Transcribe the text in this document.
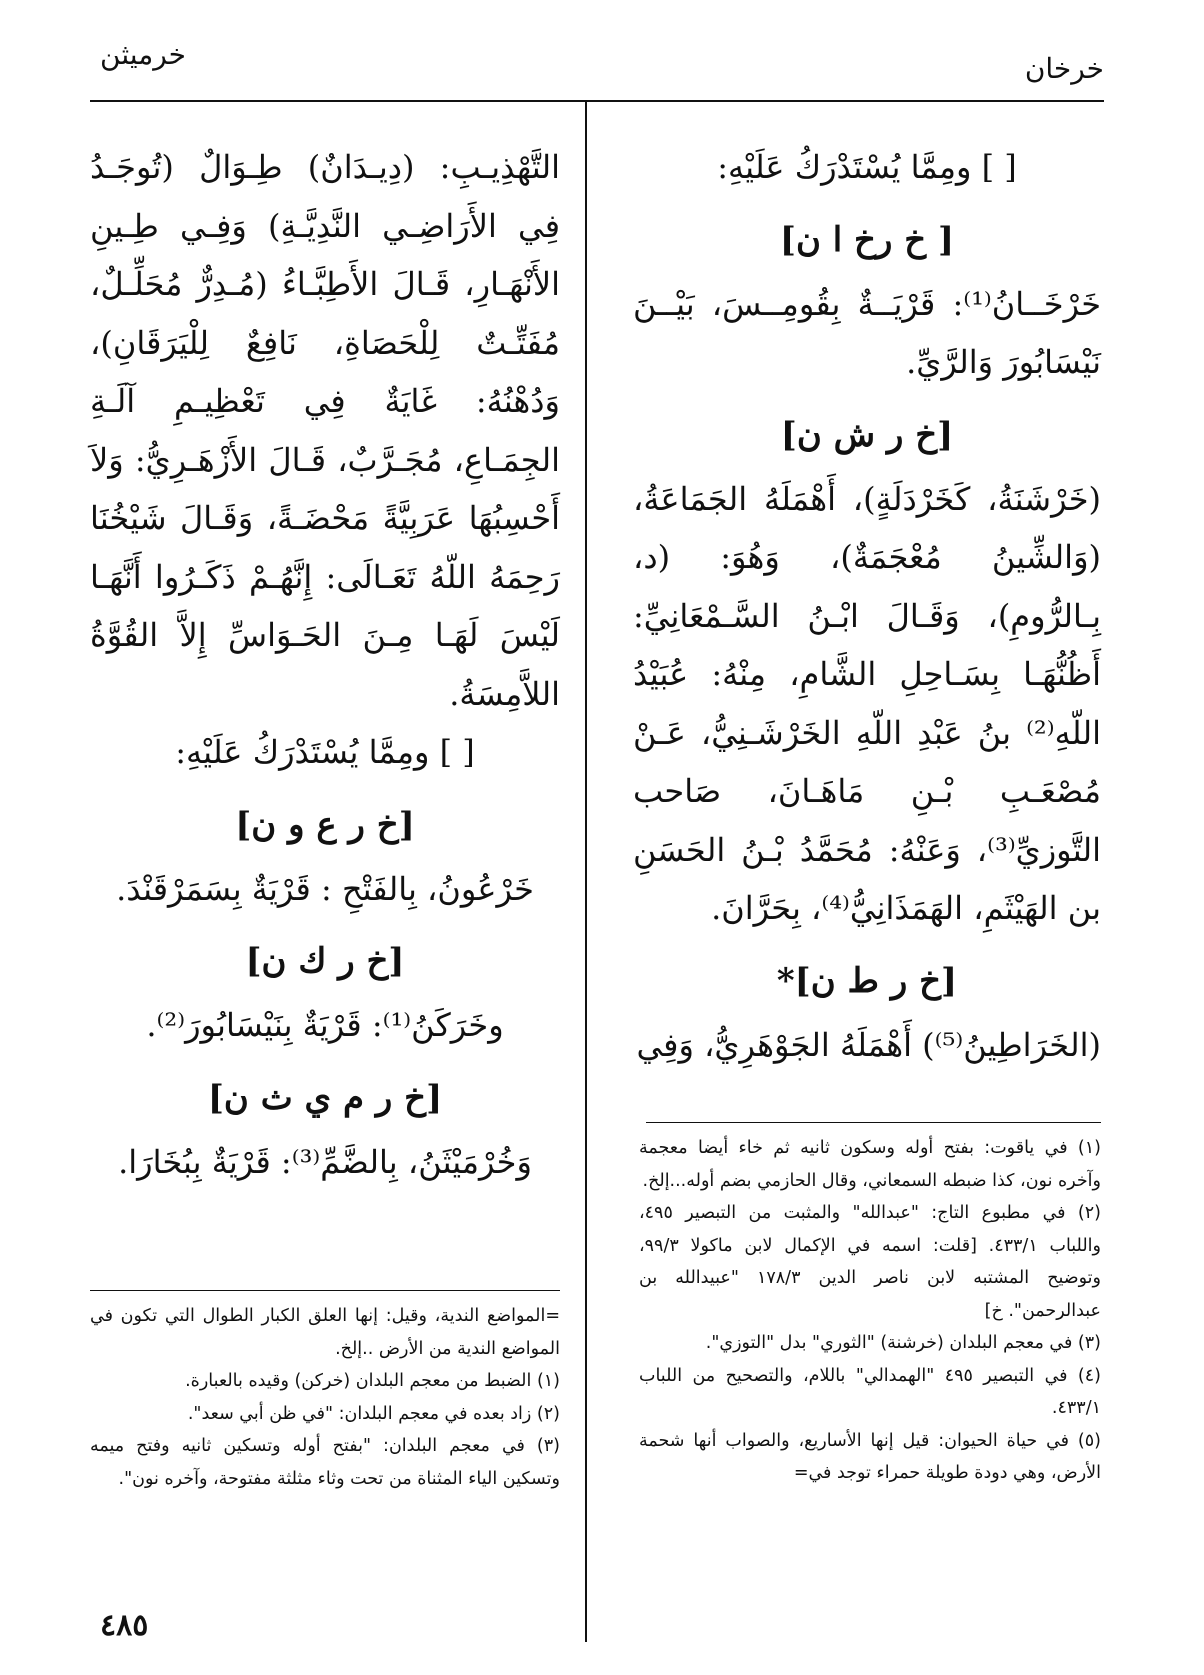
خرخان
خرميثن

[ ] ومِمَّا يُسْتَدْرَكُ عَلَيْهِ:

[ خ رخ ا ن]

خَرْخَــانُ⁽¹⁾: قَرْيَــةٌ بِقُومِــسَ، بَيْــنَ نَيْسَابُورَ وَالرَّيِّ.

[خ ر ش ن]

(خَرْشَنَةُ، كَخَرْدَلَةٍ)، أَهْمَلَهُ الجَمَاعَةُ، (وَالشِّينُ مُعْجَمَةٌ)، وَهُوَ: (د، بِـالرُّومِ)، وَقَـالَ ابْـنُ السَّـمْعَانِيِّ: أَظُنُّهَـا بِسَـاحِلِ الشَّامِ، مِنْهُ: عُبَيْدُ اللّهِ⁽²⁾ بنُ عَبْدِ اللّهِ الخَرْشَـنِيُّ، عَـنْ مُصْعَـبِ بْـنِ مَاهَـانَ، صَاحب التَّوزيِّ⁽³⁾، وَعَنْهُ: مُحَمَّدُ بْـنُ الحَسَنِ بن الهَيْثَمِ، الهَمَذَانِيُّ⁽⁴⁾، بِحَرَّانَ.

[خ ر ط ن]*

(الخَرَاطِينُ⁽⁵⁾) أَهْمَلَهُ الجَوْهَرِيُّ، وَفِي

التَّهْذِيـبِ: (دِيـدَانٌ) طِـوَالٌ (تُوجَـدُ فِي الأَرَاضِـي النَّدِيَّـةِ) وَفِـي طِـينِ الأَنْهَـارِ، قَـالَ الأَطِبَّـاءُ (مُـدِرٌّ مُحَلِّـلٌ، مُفَتِّـتٌ لِلْحَصَاةِ، نَافِعٌ لِلْيَرَقَانِ)، وَدُهْنُهُ: غَايَةٌ فِي تَعْظِيـمِ آلَـةِ الجِمَـاعِ، مُجَـرَّبٌ، قَـالَ الأَزْهَـرِيُّ: وَلاَ أَحْسِبُهَا عَرَبِيَّةً مَحْضَـةً، وَقَـالَ شَيْخُنَا رَحِمَهُ اللّهُ تَعَـالَى: إِنَّهُـمْ ذَكَـرُوا أَنَّهَـا لَيْسَ لَهَـا مِـنَ الحَـوَاسِّ إِلاَّ القُوَّةُ اللاَّمِسَةُ.

[ ] ومِمَّا يُسْتَدْرَكُ عَلَيْهِ:

[خ ر ع و ن]

خَرْعُونُ، بِالفَتْحِ : قَرْيَةٌ بِسَمَرْقَنْدَ.

[خ ر ك ن]

وخَرَكَنُ⁽¹⁾: قَرْيَةٌ بِنَيْسَابُورَ⁽²⁾.

[خ ر م ي ث ن]

وَخُرْمَيْثَنُ، بِالضَّمِّ⁽³⁾: قَرْيَةٌ بِبُخَارَا.	(١) في ياقوت: بفتح أوله وسكون ثانيه ثم خاء أيضا معجمة وآخره نون، كذا ضبطه السمعاني، وقال الحازمي بضم أوله...إلخ.

(٢) في مطبوع التاج: "عبدالله" والمثبت من التبصير ٤٩٥، واللباب ٤٣٣/١. [قلت: اسمه في الإكمال لابن ماكولا ٩٩/٣، وتوضيح المشتبه لابن ناصر الدين ١٧٨/٣ "عبيدالله بن عبدالرحمن". خ]

(٣) في معجم البلدان (خرشنة) "الثوري" بدل "التوزي".

(٤) في التبصير ٤٩٥ "الهمدالي" باللام، والتصحيح من اللباب ٤٣٣/١.

(٥) في حياة الحيوان: قيل إنها الأساريع، والصواب أنها شحمة الأرض، وهي دودة طويلة حمراء توجد في=

=المواضع الندية، وقيل: إنها العلق الكبار الطوال التي تكون في المواضع الندية من الأرض ..إلخ.

(١) الضبط من معجم البلدان (خركن) وقيده بالعبارة.

(٢) زاد بعده في معجم البلدان: "في ظن أبي سعد".

(٣) في معجم البلدان: "بفتح أوله وتسكين ثانيه وفتح ميمه وتسكين الياء المثناة من تحت وثاء مثلثة مفتوحة، وآخره نون".

٤٨٥
